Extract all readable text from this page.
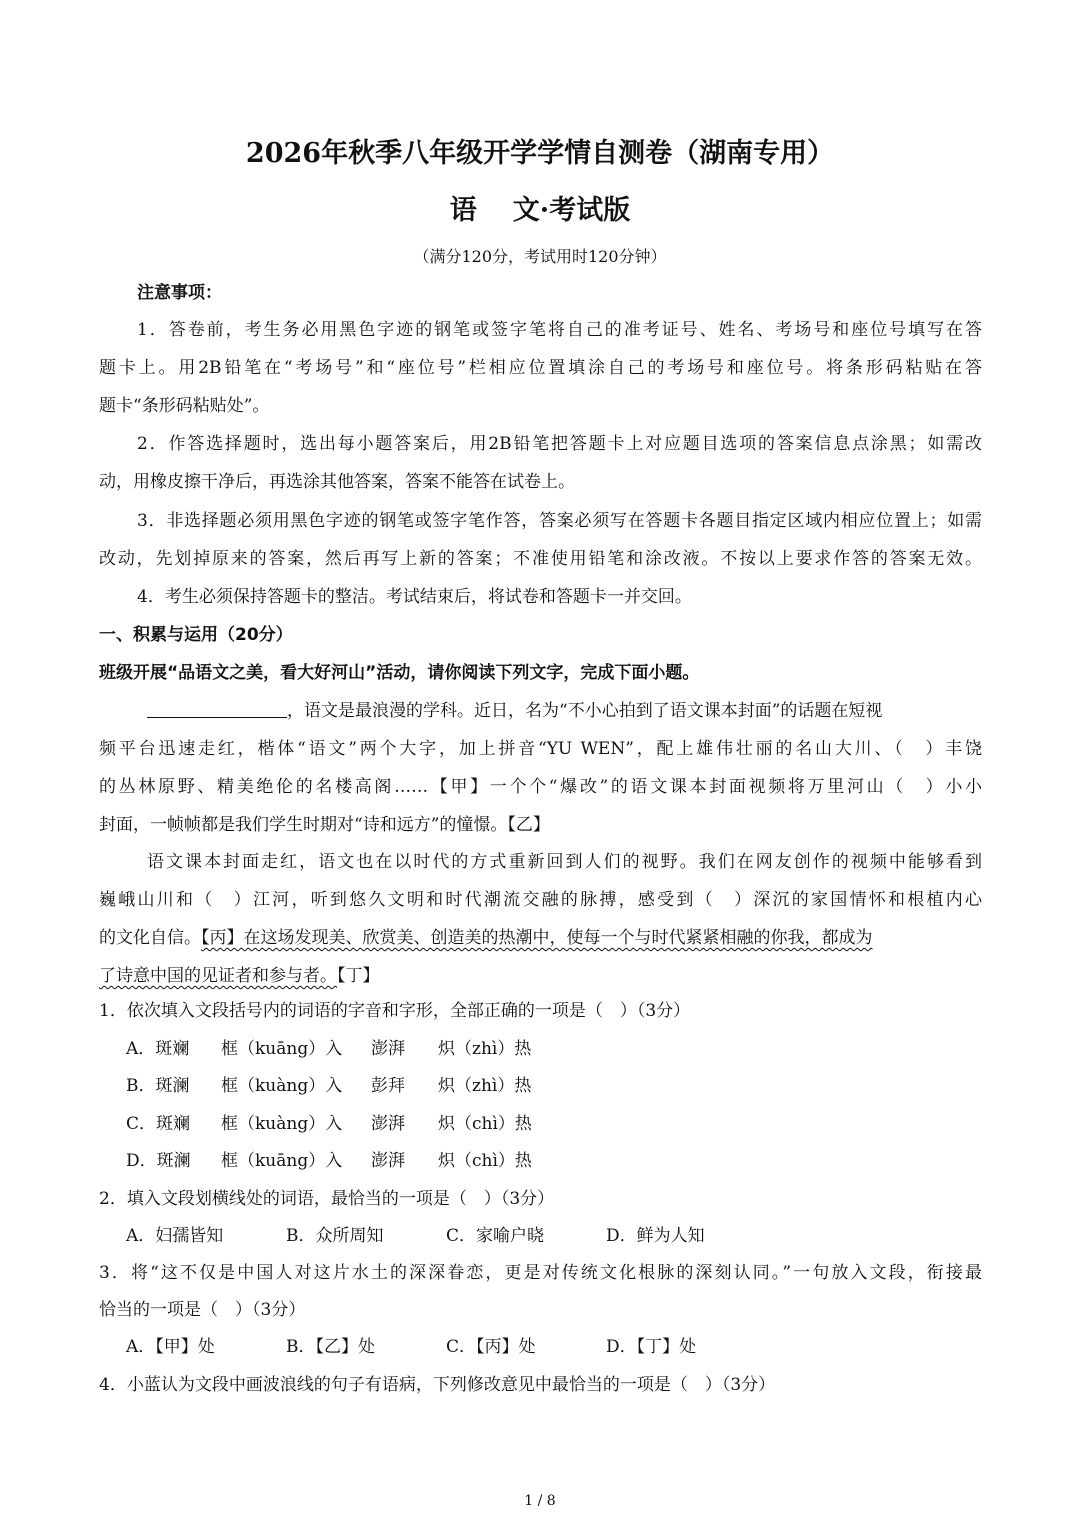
2026年秋季八年级开学学情自测卷（湖南专用）
语 文·考试版
（满分120分，考试用时120分钟）
注意事项：
1．答卷前，考生务必用黑色字迹的钢笔或签字笔将自己的准考证号、姓名、考场号和座位号填写在答
题卡上。用2B铅笔在“考场号”和“座位号”栏相应位置填涂自己的考场号和座位号。将条形码粘贴在答
题卡“条形码粘贴处”。
2．作答选择题时，选出每小题答案后，用2B铅笔把答题卡上对应题目选项的答案信息点涂黑；如需改
动，用橡皮擦干净后，再选涂其他答案，答案不能答在试卷上。
3．非选择题必须用黑色字迹的钢笔或签字笔作答，答案必须写在答题卡各题目指定区域内相应位置上；如需
改动，先划掉原来的答案，然后再写上新的答案；不准使用铅笔和涂改液。不按以上要求作答的答案无效。
4．考生必须保持答题卡的整洁。考试结束后，将试卷和答题卡一并交回。
一、积累与运用（20分）
班级开展“品语文之美，看大好河山”活动，请你阅读下列文字，完成下面小题。
，语文是最浪漫的学科。近日，名为“不小心拍到了语文课本封面”的话题在短视
频平台迅速走红，楷体“语文”两个大字，加上拼音“YU WEN”，配上雄伟壮丽的名山大川、（　）丰饶
的丛林原野、精美绝伦的名楼高阁……【甲】一个个“爆改”的语文课本封面视频将万里河山（　）小小
封面，一帧帧都是我们学生时期对“诗和远方”的憧憬。【乙】
语文课本封面走红，语文也在以时代的方式重新回到人们的视野。我们在网友创作的视频中能够看到
巍峨山川和（　）江河，听到悠久文明和时代潮流交融的脉搏，感受到（　）深沉的家国情怀和根植内心
的文化自信。【丙】在这场发现美、欣赏美、创造美的热潮中，使每一个与时代紧紧相融的你我，都成为
了诗意中国的见证者和参与者。【丁】
1．依次填入文段括号内的词语的字音和字形，全部正确的一项是（　）（3分）
A．斑斓 框（kuāng）入 澎湃 炽（zhì）热
B．斑澜 框（kuàng）入 彭拜 炽（zhì）热
C．斑斓 框（kuàng）入 澎湃 炽（chì）热
D．斑澜 框（kuāng）入 澎湃 炽（chì）热
2．填入文段划横线处的词语，最恰当的一项是（　）（3分）
A．妇孺皆知	B．众所周知	C．家喻户晓	D．鲜为人知
3．将“这不仅是中国人对这片水土的深深眷恋，更是对传统文化根脉的深刻认同。”一句放入文段，衔接最
恰当的一项是（　）（3分）
A．【甲】处	B．【乙】处	C．【丙】处	D．【丁】处
4．小蓝认为文段中画波浪线的句子有语病，下列修改意见中最恰当的一项是（　）（3分）
1 / 8
